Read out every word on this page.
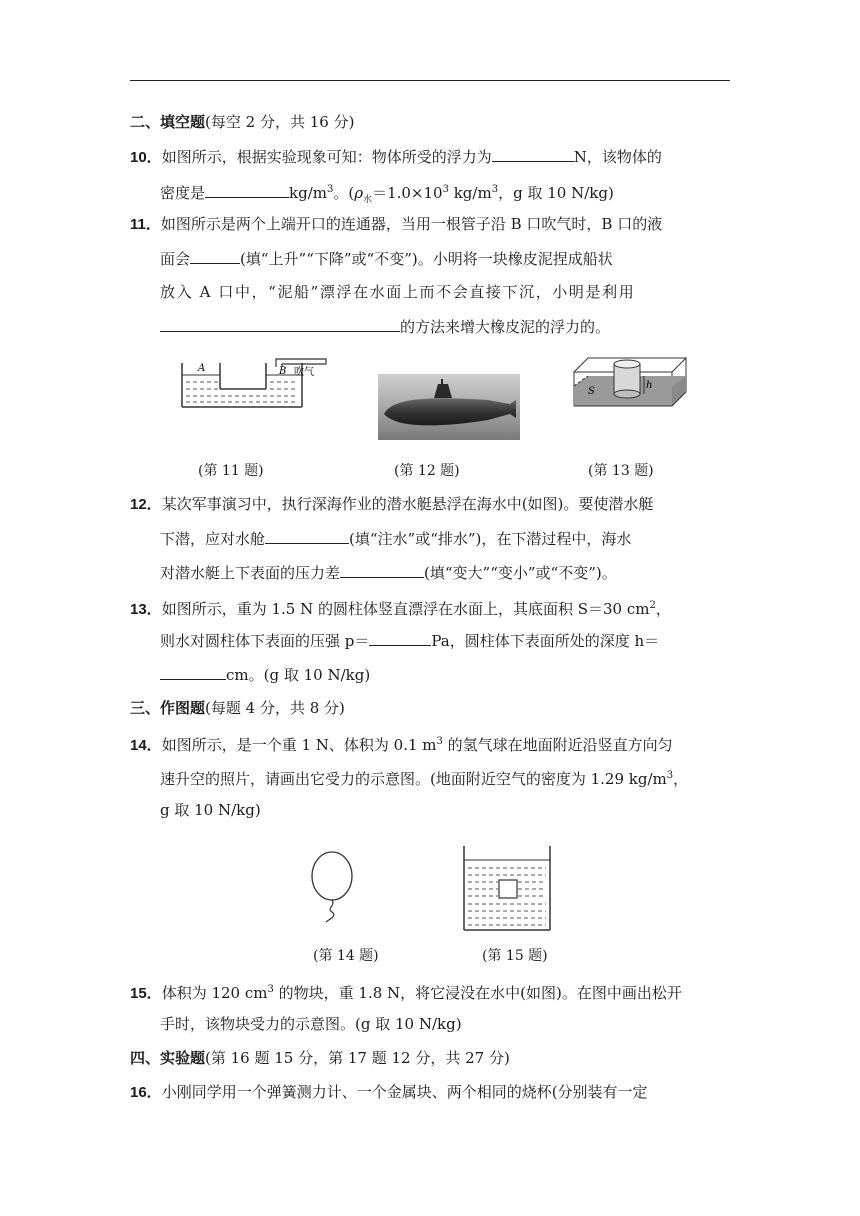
二、填空题(每空 2 分，共 16 分)
10．如图所示，根据实验现象可知：物体所受的浮力为	N，该物体的
密度是	$kg/m^3$。($\rho_水=1.0\times 10^3$ $kg/m^3$，g 取 10 N/kg)
11．如图所示是两个上端开口的连通器，当用一根管子沿 B 口吹气时，B 口的液
面会	(填“上升”“下降”或“不变”)。小明将一块橡皮泥捏成船状
放入 A 口中，“泥船”漂浮在水面上而不会直接下沉，小明是利用
的方法来增大橡皮泥的浮力的。
A	B 吹气
S
h
(第 11 题)	(第 12 题)	(第 13 题)
12．某次军事演习中，执行深海作业的潜水艇悬浮在海水中(如图)。要使潜水艇
下潜，应对水舱	(填“注水”或“排水”)，在下潜过程中，海水
对潜水艇上下表面的压力差	(填“变大”“变小”或“不变”)。
13．如图所示，重为 1.5 N 的圆柱体竖直漂浮在水面上，其底面积 S＝30 $cm^2$，
则水对圆柱体下表面的压强 p＝	Pa，圆柱体下表面所处的深度 h＝
cm。(g 取 10 N/kg)
三、作图题(每题 4 分，共 8 分)
14．如图所示，是一个重 1 N、体积为 0.1 $m^3$ 的氢气球在地面附近沿竖直方向匀
速升空的照片，请画出它受力的示意图。(地面附近空气的密度为 1.29 $kg/m^3$，
g 取 10 N/kg)
(第 14 题)	(第 15 题)
15．体积为 120 $cm^3$ 的物块，重 1.8 N，将它浸没在水中(如图)。在图中画出松开
手时，该物块受力的示意图。(g 取 10 N/kg)
四、实验题(第 16 题 15 分，第 17 题 12 分，共 27 分)
16．小刚同学用一个弹簧测力计、一个金属块、两个相同的烧杯(分别装有一定
